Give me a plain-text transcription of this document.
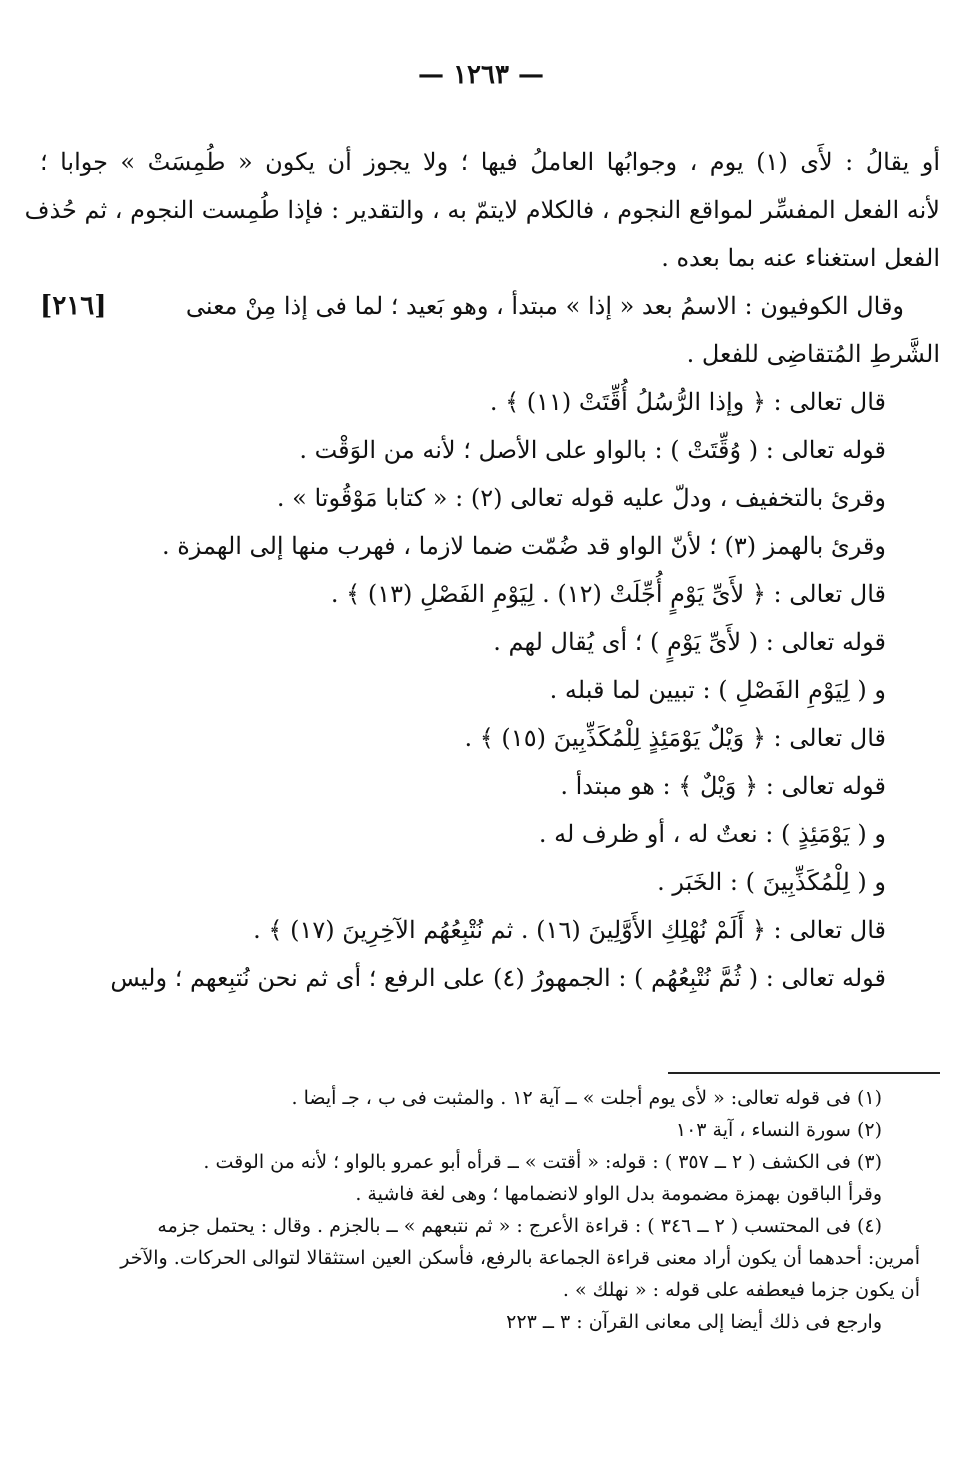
— ١٢٦٣ —
أو يقالُ : لأَى (١) يوم ، وجوابُها العاملُ فيها ؛ ولا يجوز أن يكون « طُمِسَتْ » جوابا ؛
لأنه الفعل المفسِّر لمواقع النجوم ، فالكلام لايتمّ به ، والتقدير : فإذا طُمِست النجوم ، ثم حُذف
الفعل استغناء عنه بما بعده .
وقال الكوفيون : الاسمُ بعد « إذا » مبتدأ ، وهو بَعيد ؛ لما فى إذا مِنْ معنى
[٢١٦]
الشَّرطِ المُتقاضِى للفعل .
قال تعالى : ﴿ وإذا الرُّسُلُ أُقِّتَتْ (١١) ﴾ .
قوله تعالى : ( وُقِّتَتْ ) : بالواو على الأصل ؛ لأنه من الوَقْت .
وقرئ بالتخفيف ، ودلّ عليه قوله تعالى (٢) : « كتابا مَوْقُوتا » .
وقرئ بالهمز (٣) ؛ لأنّ الواو قد ضُمّت ضما لازما ، فهرب منها إلى الهمزة .
قال تعالى : ﴿ لأَىِّ يَوْمٍ أُجِّلَتْ (١٢) . لِيَوْمِ الفَصْلِ (١٣) ﴾ .
قوله تعالى : ( لأَىِّ يَوْمٍ ) ؛ أى يُقال لهم .
و ( لِيَوْمِ الفَصْلِ ) : تبيين لما قبله .
قال تعالى : ﴿ وَيْلٌ يَوْمَئِذٍ لِلْمُكَذِّبِينَ (١٥) ﴾ .
قوله تعالى : ﴿ وَيْلٌ ﴾ : هو مبتدأ .
و ( يَوْمَئِذٍ ) : نعتٌ له ، أو ظرف له .
و ( لِلْمُكَذِّبِينَ ) : الخَبَر .
قال تعالى : ﴿ أَلَمْ نُهْلِكِ الأَوَّلِينَ (١٦) . ثم نُتْبِعُهُم الآخِرِينَ (١٧) ﴾ .
قوله تعالى : ( ثُمَّ نُتْبِعُهُم ) : الجمهورُ (٤) على الرفع ؛ أى ثم نحن نُتبِعهم ؛ وليس
(١) فى قوله تعالى: « لأى يوم أجلت » ــ آية ١٢ . والمثبت فى ب ، جـ أيضا .
(٢) سورة النساء ، آية ١٠٣
(٣) فى الكشف ( ٢ ــ ٣٥٧ ) : قوله: « أقتت » ــ قرأه أبو عمرو بالواو ؛ لأنه من الوقت .
وقرأ الباقون بهمزة مضمومة بدل الواو لانضمامها ؛ وهى لغة فاشية .
(٤) فى المحتسب ( ٢ ــ ٣٤٦ ) : قراءة الأعرج : « ثم نتبعهم » ــ بالجزم . وقال : يحتمل جزمه
أمرين: أحدهما أن يكون أراد معنى قراءة الجماعة بالرفع، فأسكن العين استثقالا لتوالى الحركات. والآخر
أن يكون جزما فيعطفه على قوله : « نهلك » .
وارجع فى ذلك أيضا إلى معانى القرآن : ٣ ــ ٢٢٣
